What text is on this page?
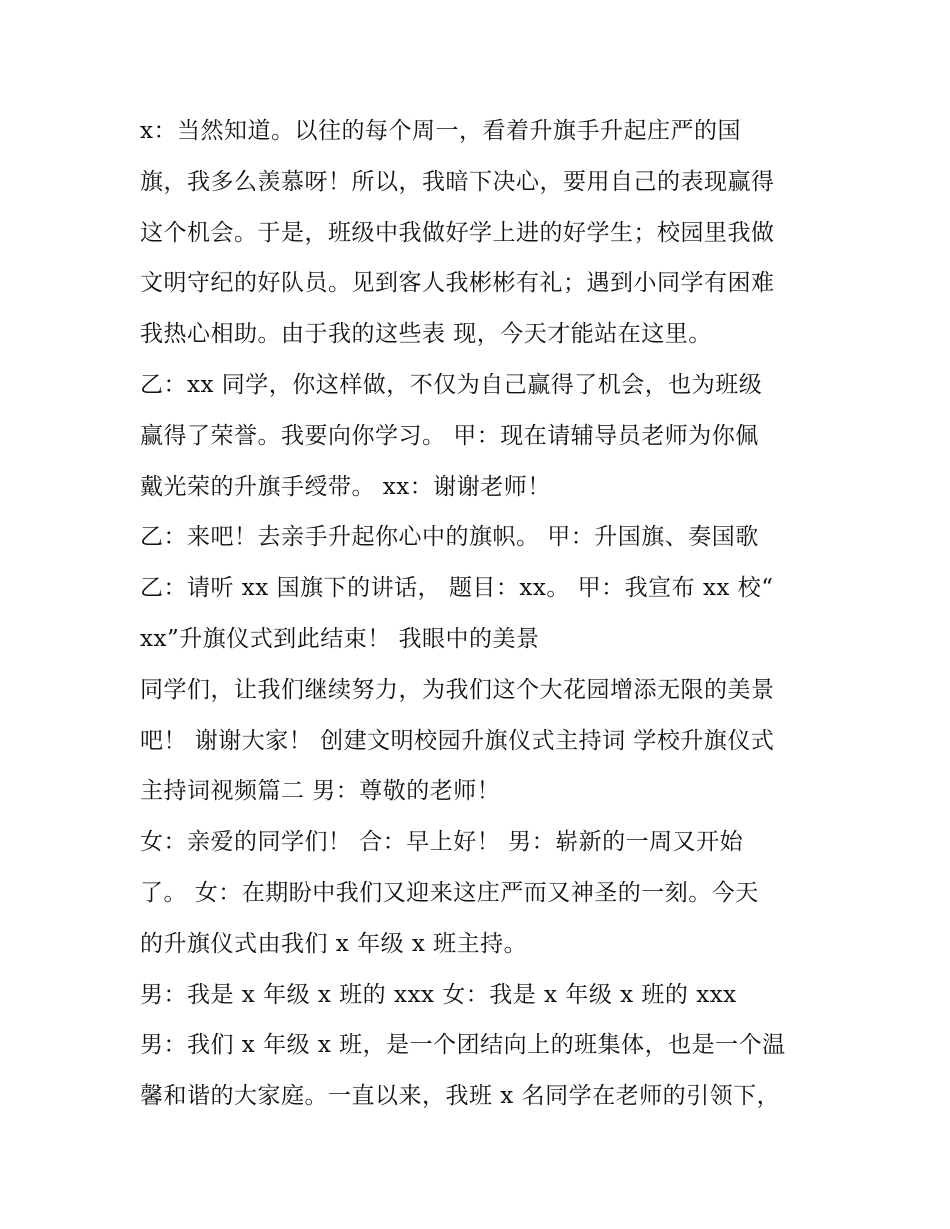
x：当然知道。以往的每个周一，看着升旗手升起庄严的国
旗，我多么羡慕呀！所以，我暗下决心，要用自己的表现赢得
这个机会。于是，班级中我做好学上进的好学生；校园里我做
文明守纪的好队员。见到客人我彬彬有礼；遇到小同学有困难
我热心相助。由于我的这些表 现，今天才能站在这里。
乙：xx 同学，你这样做，不仅为自己赢得了机会，也为班级
赢得了荣誉。我要向你学习。 甲：现在请辅导员老师为你佩
戴光荣的升旗手绶带。 xx：谢谢老师！
乙：来吧！去亲手升起你心中的旗帜。 甲：升国旗、奏国歌
乙：请听 xx 国旗下的讲话， 题目：xx。 甲：我宣布 xx 校“
xx”升旗仪式到此结束！ 我眼中的美景
同学们，让我们继续努力，为我们这个大花园增添无限的美景
吧！ 谢谢大家！ 创建文明校园升旗仪式主持词 学校升旗仪式
主持词视频篇二 男：尊敬的老师！
女：亲爱的同学们！ 合：早上好！ 男：崭新的一周又开始
了。 女：在期盼中我们又迎来这庄严而又神圣的一刻。今天
的升旗仪式由我们 x 年级 x 班主持。
男：我是 x 年级 x 班的 xxx 女：我是 x 年级 x 班的 xxx
男：我们 x 年级 x 班，是一个团结向上的班集体，也是一个温
馨和谐的大家庭。一直以来，我班 x 名同学在老师的引领下，
